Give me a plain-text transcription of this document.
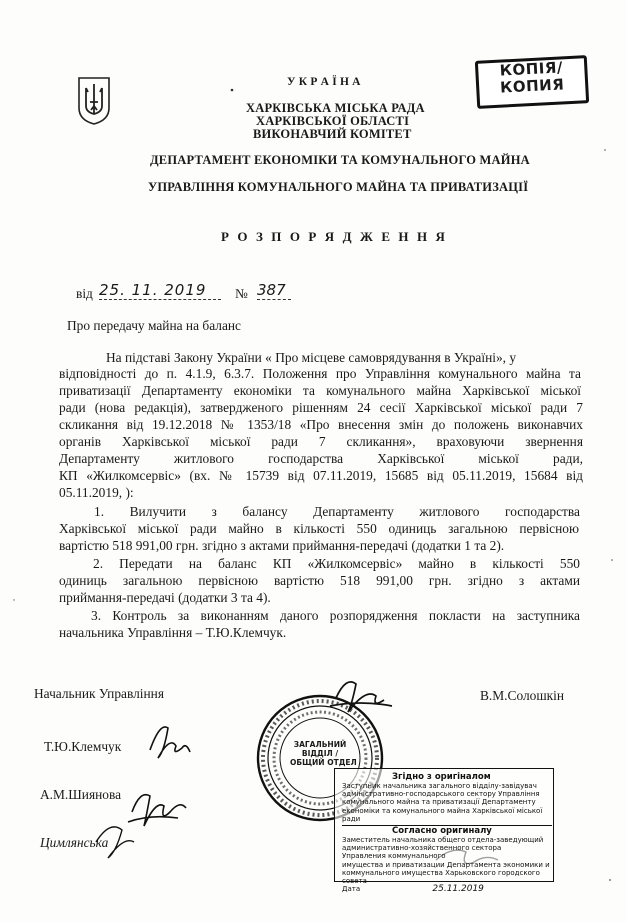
КОПІЯ/
КОПИЯ
У К Р А Ї Н А
ХАРКІВСЬКА МІСЬКА РАДА
ХАРКІВСЬКОЇ ОБЛАСТІ
ВИКОНАВЧИЙ КОМІТЕТ
ДЕПАРТАМЕНТ ЕКОНОМІКИ ТА КОМУНАЛЬНОГО МАЙНА
УПРАВЛІННЯ КОМУНАЛЬНОГО МАЙНА ТА ПРИВАТИЗАЦІЇ
Р О З П О Р Я Д Ж Е Н Н Я
від 25. 11. 2019	№ 387
Про передачу майна на баланс
На підставі Закону України « Про місцеве самоврядування в Україні», у
відповідності до п. 4.1.9, 6.3.7. Положення про Управління комунального майна та
приватизації Департаменту економіки та комунального майна Харківської міської
ради (нова редакція), затвердженого рішенням 24 сесії Харківської міської ради 7
скликання від 19.12.2018 № 1353/18 «Про внесення змін до положень виконавчих
органів Харківської міської ради 7 скликання», враховуючи звернення
Департаменту житлового господарства Харківської міської ради,
КП «Жилкомсервіс» (вх. № 15739 від 07.11.2019, 15685 від 05.11.2019, 15684 від
05.11.2019, ):
1. Вилучити з балансу Департаменту житлового господарства
Харківської міської ради майно в кількості 550 одиниць загальною первісною
вартістю 518 991,00 грн. згідно з актами приймання-передачі (додатки 1 та 2).
2. Передати на баланс КП «Жилкомсервіс» майно в кількості 550
одиниць загальною первісною вартістю 518 991,00 грн. згідно з актами
приймання-передачі (додатки 3 та 4).
3. Контроль за виконанням даного розпорядження покласти на заступника
начальника Управління – Т.Ю.Клемчук.
Начальник Управління	В.М.Солошкін
Т.Ю.Клемчук
А.М.Шиянова
Цимлянська
ЗАГАЛЬНИЙ
ВІДДІЛ /
ОБЩИЙ ОТДЕЛ
Згідно з оригіналом
Заступник начальника загального відділу-завідувач
адміністративно-господарського сектору Управління
комунального майна та приватизації Департаменту
економіки та комунального майна Харківської міської ради
Согласно оригиналу
Заместитель начальника общего отдела-заведующий
административно-хозяйственного сектора
Управления коммунального
имущества и приватизации Департамента экономики и
коммунального имущества Харьковского городского
совета
Дата	25.11.2019
